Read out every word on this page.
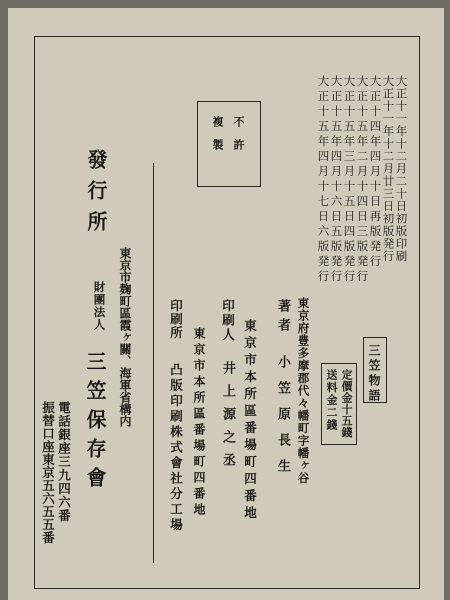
不許
複製	大正十一年十二月二十日初版印刷
大正十一年十二月廿三日初版発行
大正十四年四月十日再版発行
大正十五年二月十四日三版発行
大正十五年三月十五日四版発行
大正十五年四月十六日五版発行
大正十五年四月十七日六版発行
三笠物語
定價金十五錢
送料金二錢
東京府豊多摩郡代々幡町字幡ヶ谷
著者
小笠原長生
東京市本所區番場町四番地
印刷人
井上源之丞
印刷所
東京市本所區番場町四番地
凸版印刷株式會社分工場
發行所
東京市麹町區霞ヶ關、海軍省構内
財團法人
三笠保存會
電話銀座三九四六番
振替口座東京五六五五番
